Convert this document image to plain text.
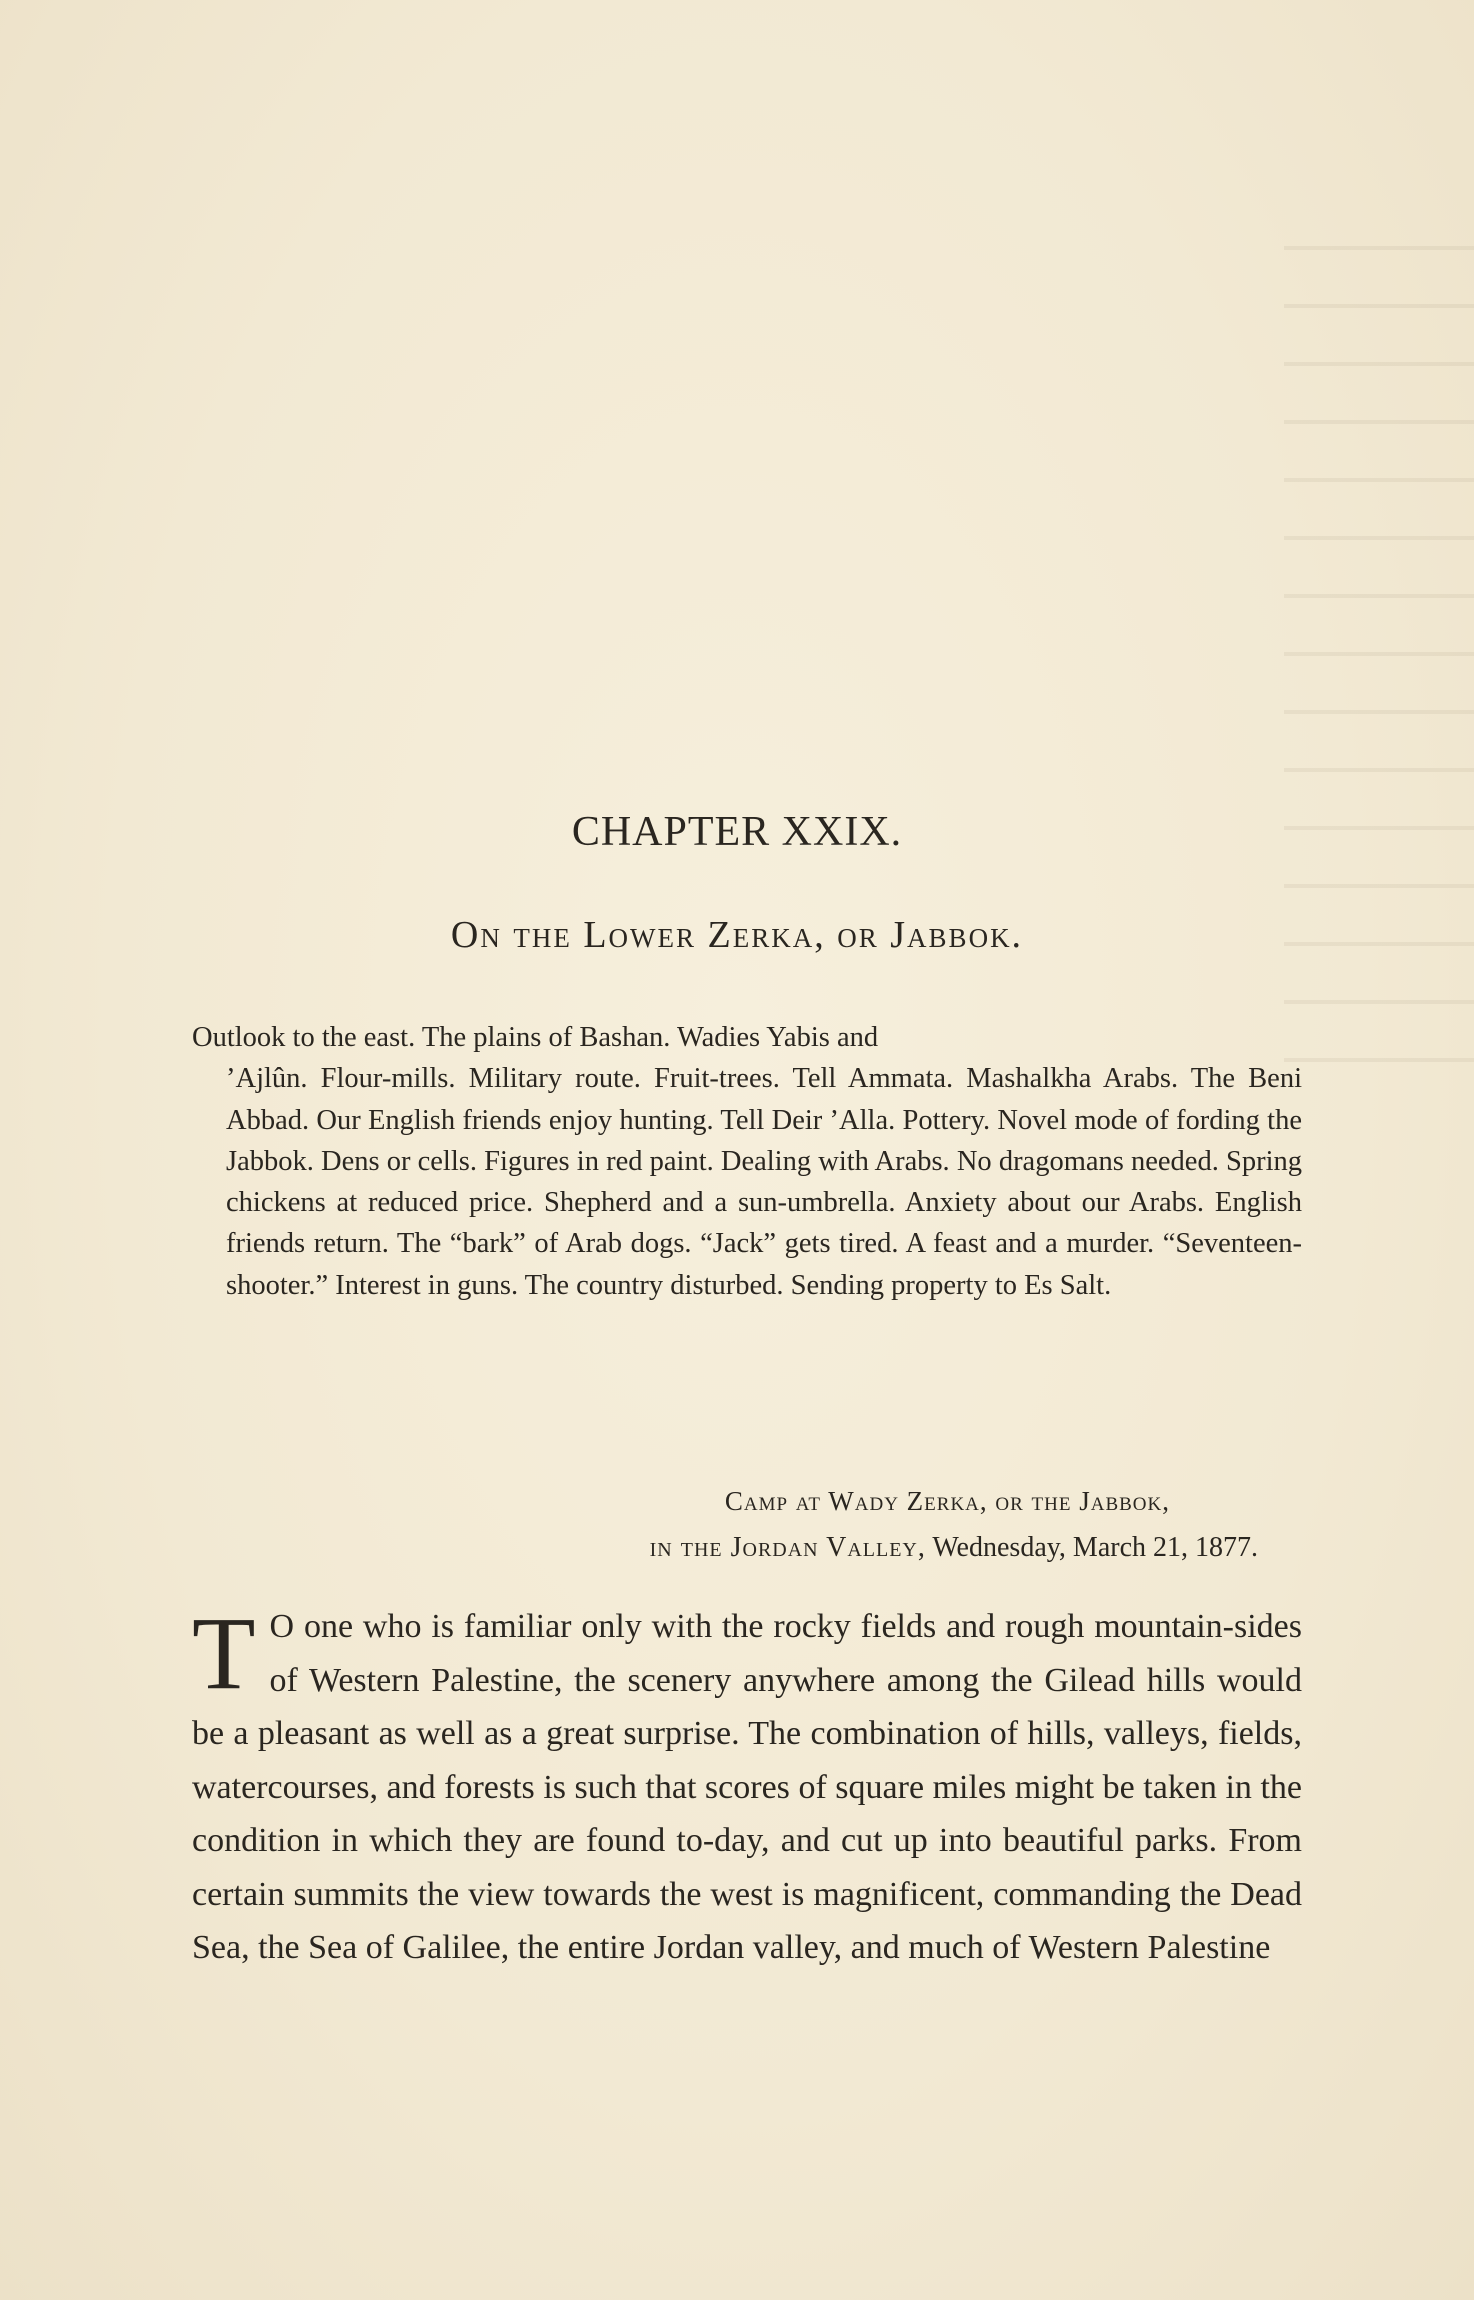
CHAPTER XXIX.
On the Lower Zerka, or Jabbok.

Outlook to the east. The plains of Bashan. Wadies Yabis and
’Ajlûn. Flour-mills. Military route. Fruit-trees. Tell Ammata. Mashalkha Arabs. The Beni Abbad. Our English friends enjoy hunting. Tell Deir ’Alla. Pottery. Novel mode of fording the Jabbok. Dens or cells. Figures in red paint. Dealing with Arabs. No dragomans needed. Spring chickens at reduced price. Shepherd and a sun-umbrella. Anxiety about our Arabs. English friends return. The “bark” of Arab dogs. “Jack” gets tired. A feast and a murder. “Seventeen-shooter.” Interest in guns. The country disturbed. Sending property to Es Salt.

Camp at Wady Zerka, or the Jabbok,

in the Jordan Valley, Wednesday, March 21, 1877.

T O one who is familiar only with the rocky fields and rough mountain-sides of Western Palestine, the scenery anywhere among the Gilead hills would be a pleasant as well as a great surprise. The combination of hills, valleys, fields, watercourses, and forests is such that scores of square miles might be taken in the condition in which they are found to-day, and cut up into beautiful parks. From certain summits the view towards the west is magnificent, commanding the Dead Sea, the Sea of Galilee, the entire Jordan valley, and much of Western Palestine
